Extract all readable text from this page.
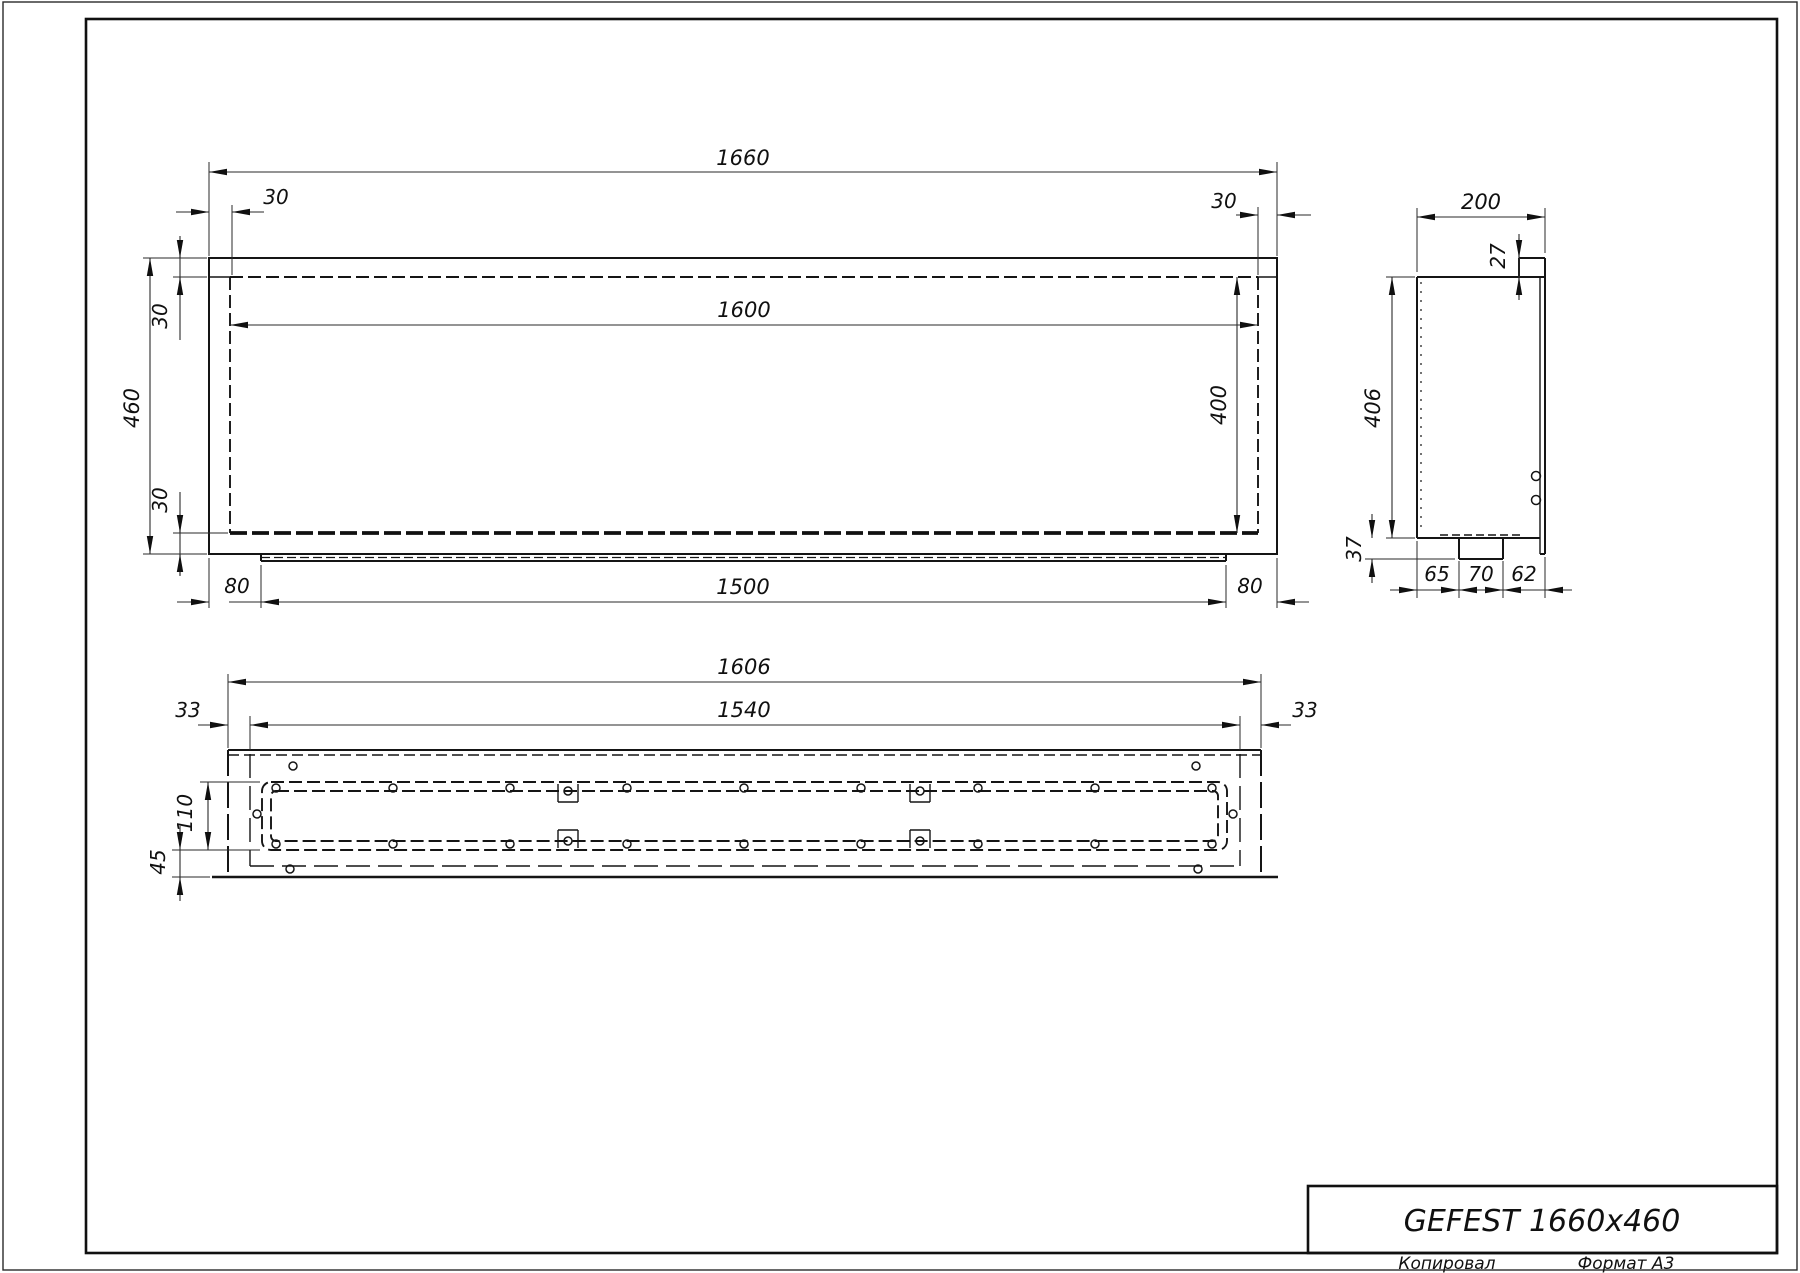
1660
30	30
460
30
30
1600
400
1500
80	80
200
27
406
37
65 70 62
1606
1540
33	33
110
45
GEFEST 1660x460
Копировал	Формат А3
